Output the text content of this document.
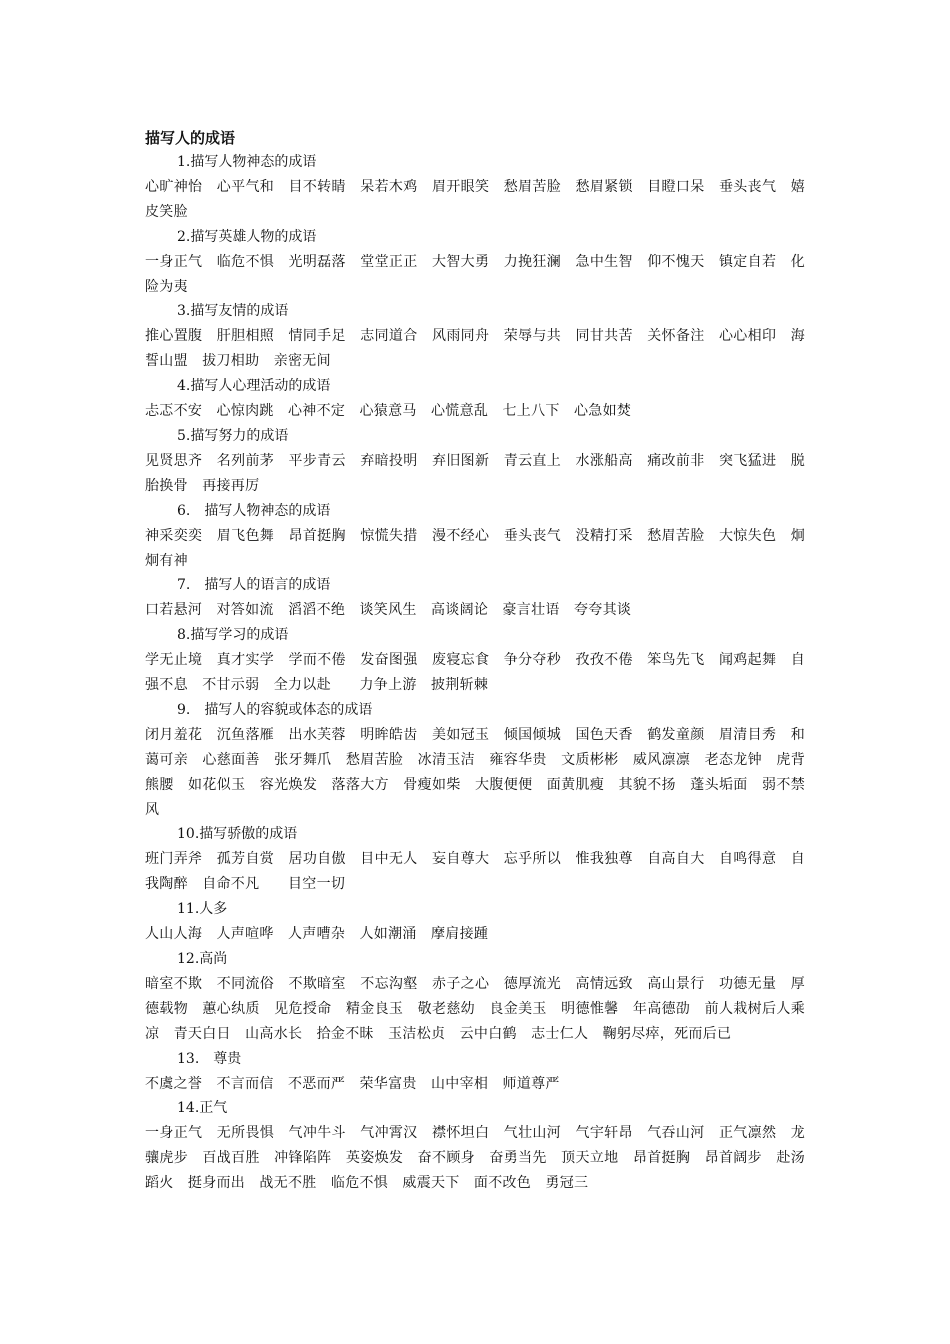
描写人的成语
1.描写人物神态的成语
心旷神怡　心平气和　目不转睛　呆若木鸡　眉开眼笑　愁眉苦脸　愁眉紧锁　目瞪口呆　垂头丧气　嬉皮笑脸
2.描写英雄人物的成语
一身正气　临危不惧　光明磊落　堂堂正正　大智大勇　力挽狂澜　急中生智　仰不愧天　镇定自若　化险为夷
3.描写友情的成语
推心置腹　肝胆相照　情同手足　志同道合　风雨同舟　荣辱与共　同甘共苦　关怀备注　心心相印　海誓山盟　拔刀相助　亲密无间
4.描写人心理活动的成语
忐忑不安　心惊肉跳　心神不定　心猿意马　心慌意乱　七上八下　心急如焚
5.描写努力的成语
见贤思齐　名列前茅　平步青云　弃暗投明　弃旧图新　青云直上　水涨船高　痛改前非　突飞猛进　脱胎换骨　再接再厉
6.　描写人物神态的成语
神采奕奕　眉飞色舞　昂首挺胸　惊慌失措　漫不经心　垂头丧气　没精打采　愁眉苦脸　大惊失色　炯炯有神
7.　描写人的语言的成语
口若悬河　对答如流　滔滔不绝　谈笑风生　高谈阔论　豪言壮语　夸夸其谈
8.描写学习的成语
学无止境　真才实学　学而不倦　发奋图强　废寝忘食　争分夺秒　孜孜不倦　笨鸟先飞　闻鸡起舞　自强不息　不甘示弱　全力以赴　　力争上游　披荆斩棘
9.　描写人的容貌或体态的成语
闭月羞花　沉鱼落雁　出水芙蓉　明眸皓齿　美如冠玉　倾国倾城　国色天香　鹤发童颜　眉清目秀　和蔼可亲　心慈面善　张牙舞爪　愁眉苦脸　冰清玉洁　雍容华贵　文质彬彬　威风凛凛　老态龙钟　虎背熊腰　如花似玉　容光焕发　落落大方　骨瘦如柴　大腹便便　面黄肌瘦　其貌不扬　蓬头垢面　弱不禁风
10.描写骄傲的成语
班门弄斧　孤芳自赏　居功自傲　目中无人　妄自尊大　忘乎所以　惟我独尊　自高自大　自鸣得意　自我陶醉　自命不凡　　目空一切
11.人多
人山人海　人声喧哗　人声嘈杂　人如潮涌　摩肩接踵
12.高尚
暗室不欺　不同流俗　不欺暗室　不忘沟壑　赤子之心　德厚流光　高情远致　高山景行　功德无量　厚德载物　蕙心纨质　见危授命　精金良玉　敬老慈幼　良金美玉　明德惟馨　年高德劭　前人栽树后人乘凉　青天白日　山高水长　拾金不昧　玉洁松贞　云中白鹤　志士仁人　鞠躬尽瘁，死而后已
13.　尊贵
不虞之誉　不言而信　不恶而严　荣华富贵　山中宰相　师道尊严
14.正气
一身正气　无所畏惧　气冲牛斗　气冲霄汉　襟怀坦白　气壮山河　气宇轩昂　气吞山河　正气凛然　龙骧虎步　百战百胜　冲锋陷阵　英姿焕发　奋不顾身　奋勇当先　顶天立地　昂首挺胸　昂首阔步　赴汤蹈火　挺身而出　战无不胜　临危不惧　威震天下　面不改色　勇冠三
